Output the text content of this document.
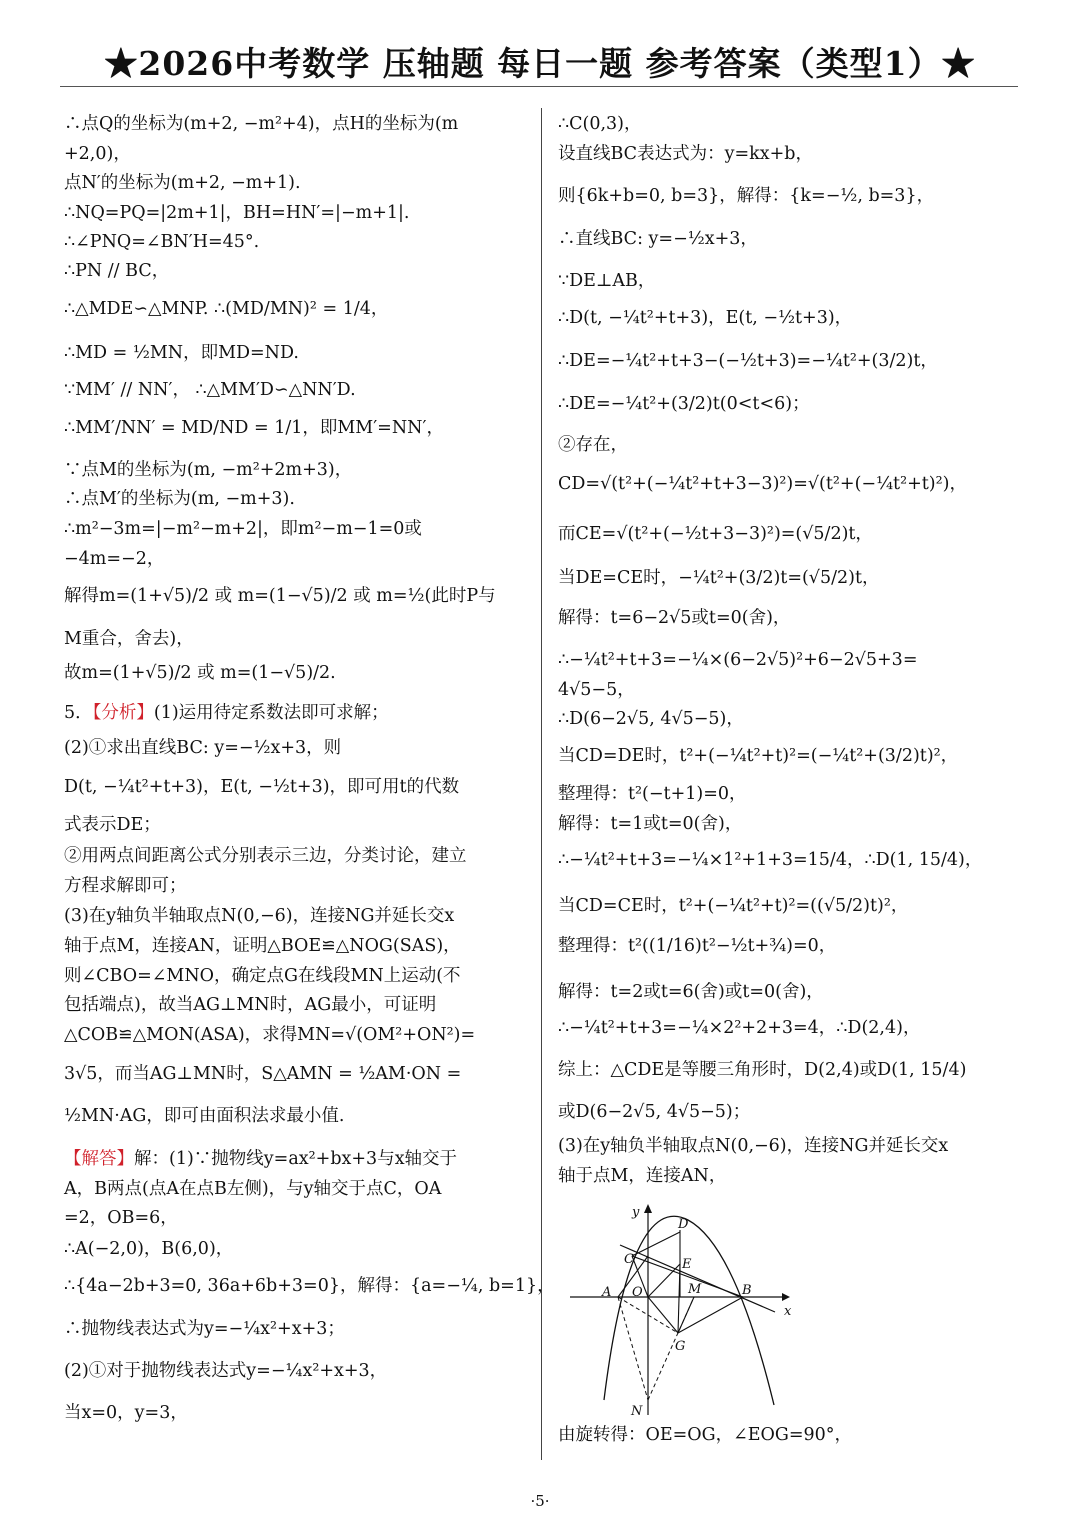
★2026中考数学 压轴题 每日一题 参考答案（类型1）★
∴点Q的坐标为(m+2, −m²+4)，点H的坐标为(m
+2,0)，
点N′的坐标为(m+2, −m+1).
∴NQ=PQ=|2m+1|，BH=HN′=|−m+1|.
∴∠PNQ=∠BN′H=45°.
∴PN // BC，
∴△MDE∽△MNP. ∴(MD/MN)² = 1/4，
∴MD = ½MN，即MD=ND.
∵MM′ // NN′， ∴△MM′D∽△NN′D.
∴MM′/NN′ = MD/ND = 1/1，即MM′=NN′，
∵点M的坐标为(m, −m²+2m+3)，
∴点M′的坐标为(m, −m+3).
∴m²−3m=|−m²−m+2|，即m²−m−1=0或
−4m=−2，
解得m=(1+√5)/2 或 m=(1−√5)/2 或 m=½(此时P与
M重合，舍去)，
故m=(1+√5)/2 或 m=(1−√5)/2.
5．【分析】(1)运用待定系数法即可求解；
(2)①求出直线BC: y=−½x+3，则
D(t, −¼t²+t+3)，E(t, −½t+3)，即可用t的代数
式表示DE；
②用两点间距离公式分别表示三边，分类讨论，建立
方程求解即可；
(3)在y轴负半轴取点N(0,−6)，连接NG并延长交x
轴于点M，连接AN，证明△BOE≌△NOG(SAS)，
则∠CBO=∠MNO，确定点G在线段MN上运动(不
包括端点)，故当AG⊥MN时，AG最小，可证明
△COB≌△MON(ASA)，求得MN=√(OM²+ON²)=
3√5，而当AG⊥MN时，S△AMN = ½AM·ON =
½MN·AG，即可由面积法求最小值.
【解答】解：(1)∵抛物线y=ax²+bx+3与x轴交于
A，B两点(点A在点B左侧)，与y轴交于点C，OA
=2，OB=6，
∴A(−2,0)，B(6,0)，
∴{4a−2b+3=0, 36a+6b+3=0}，解得：{a=−¼, b=1}，
∴抛物线表达式为y=−¼x²+x+3；
(2)①对于抛物线表达式y=−¼x²+x+3，
当x=0，y=3，
∴C(0,3)，
设直线BC表达式为：y=kx+b，
则{6k+b=0, b=3}，解得：{k=−½, b=3}，
∴直线BC: y=−½x+3，
∵DE⊥AB，
∴D(t, −¼t²+t+3)，E(t, −½t+3)，
∴DE=−¼t²+t+3−(−½t+3)=−¼t²+(3/2)t，
∴DE=−¼t²+(3/2)t(0<t<6)；
②存在，
CD=√(t²+(−¼t²+t+3−3)²)=√(t²+(−¼t²+t)²)，
而CE=√(t²+(−½t+3−3)²)=(√5/2)t，
当DE=CE时，−¼t²+(3/2)t=(√5/2)t，
解得：t=6−2√5或t=0(舍)，
∴−¼t²+t+3=−¼×(6−2√5)²+6−2√5+3=
4√5−5，
∴D(6−2√5, 4√5−5)，
当CD=DE时，t²+(−¼t²+t)²=(−¼t²+(3/2)t)²，
整理得：t²(−t+1)=0，
解得：t=1或t=0(舍)，
∴−¼t²+t+3=−¼×1²+1+3=15/4，∴D(1, 15/4)，
当CD=CE时，t²+(−¼t²+t)²=((√5/2)t)²，
整理得：t²((1/16)t²−½t+¾)=0，
解得：t=2或t=6(舍)或t=0(舍)，
∴−¼t²+t+3=−¼×2²+2+3=4，∴D(2,4)，
综上：△CDE是等腰三角形时，D(2,4)或D(1, 15/4)
或D(6−2√5, 4√5−5)；
(3)在y轴负半轴取点N(0,−6)，连接NG并延长交x
轴于点M，连接AN，
由旋转得：OE=OG，∠EOG=90°，
y
x
D
C	E
A O	M	B
G
N
·5·
